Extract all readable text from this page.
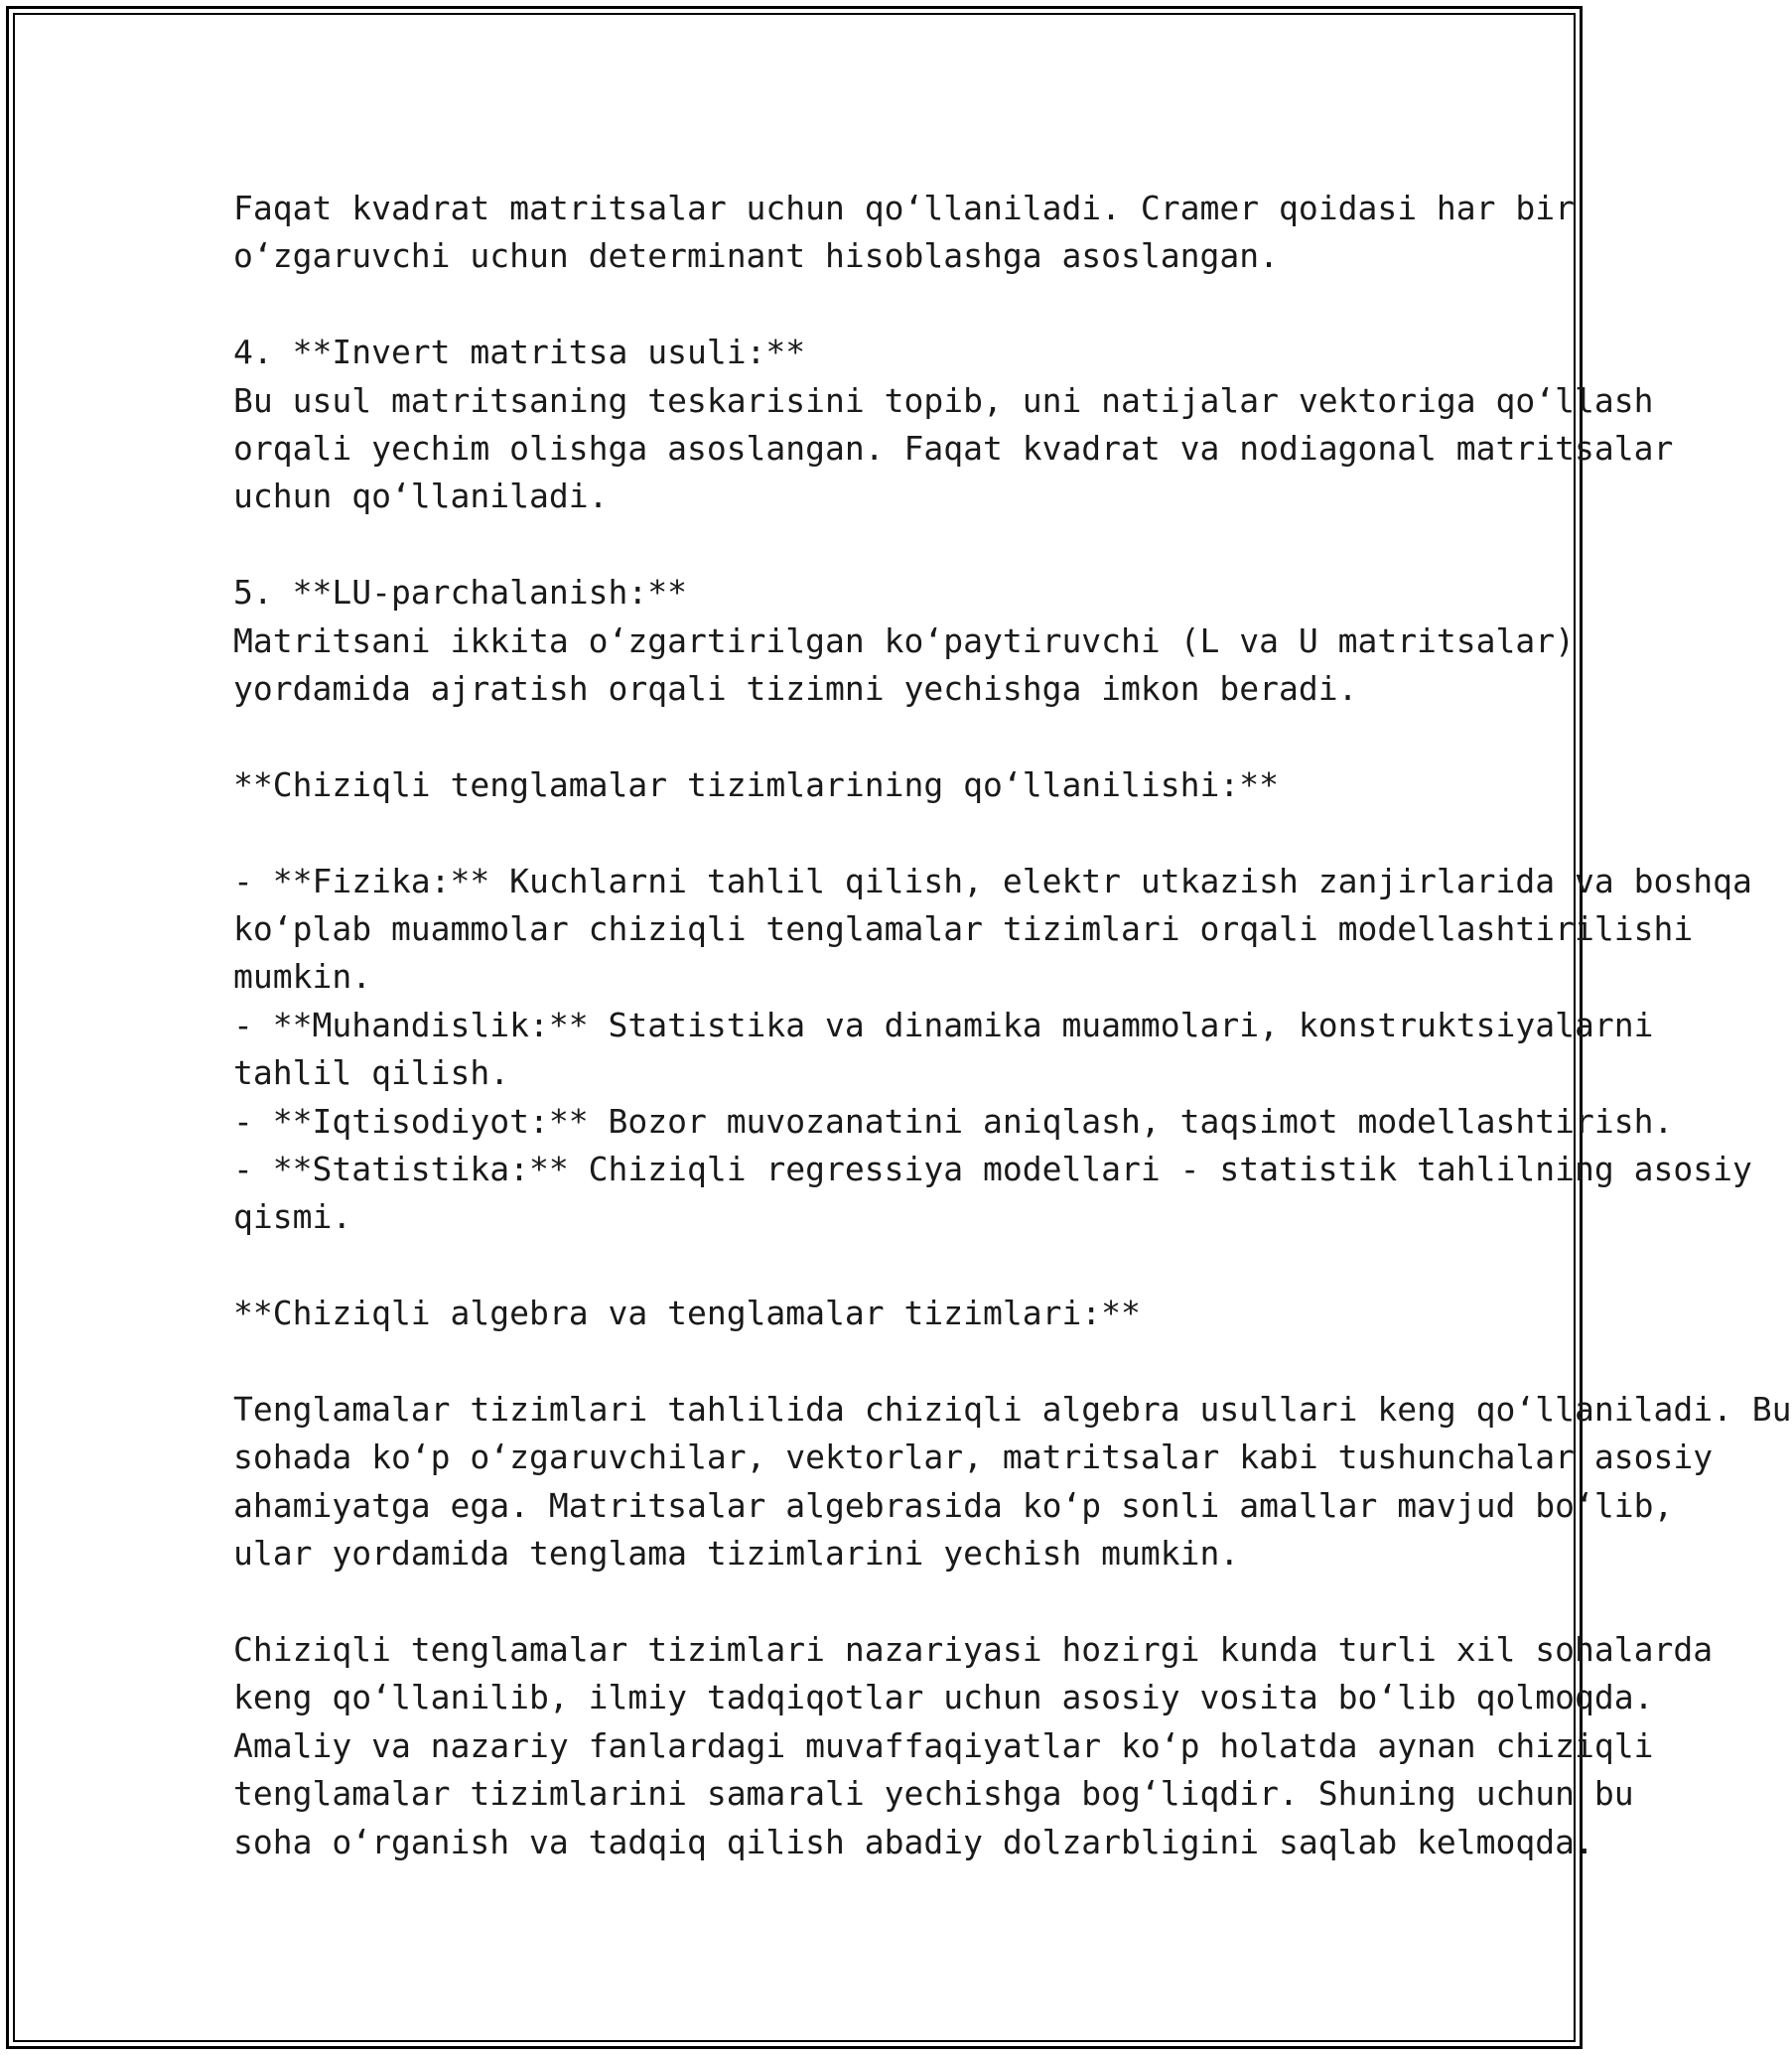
Faqat kvadrat matritsalar uchun qo‘llaniladi. Cramer qoidasi har bir
o‘zgaruvchi uchun determinant hisoblashga asoslangan.
4. **Invert matritsa usuli:**
Bu usul matritsaning teskarisini topib, uni natijalar vektoriga qo‘llash
orqali yechim olishga asoslangan. Faqat kvadrat va nodiagonal matritsalar
uchun qo‘llaniladi.
5. **LU-parchalanish:**
Matritsani ikkita o‘zgartirilgan ko‘paytiruvchi (L va U matritsalar)
yordamida ajratish orqali tizimni yechishga imkon beradi.
**Chiziqli tenglamalar tizimlarining qo‘llanilishi:**
- **Fizika:** Kuchlarni tahlil qilish, elektr utkazish zanjirlarida va boshqa
ko‘plab muammolar chiziqli tenglamalar tizimlari orqali modellashtirilishi
mumkin.
- **Muhandislik:** Statistika va dinamika muammolari, konstruktsiyalarni
tahlil qilish.
- **Iqtisodiyot:** Bozor muvozanatini aniqlash, taqsimot modellashtirish.
- **Statistika:** Chiziqli regressiya modellari - statistik tahlilning asosiy
qismi.
**Chiziqli algebra va tenglamalar tizimlari:**
Tenglamalar tizimlari tahlilida chiziqli algebra usullari keng qo‘llaniladi. Bu
sohada ko‘p o‘zgaruvchilar, vektorlar, matritsalar kabi tushunchalar asosiy
ahamiyatga ega. Matritsalar algebrasida ko‘p sonli amallar mavjud bo‘lib,
ular yordamida tenglama tizimlarini yechish mumkin.
Chiziqli tenglamalar tizimlari nazariyasi hozirgi kunda turli xil sohalarda
keng qo‘llanilib, ilmiy tadqiqotlar uchun asosiy vosita bo‘lib qolmoqda.
Amaliy va nazariy fanlardagi muvaffaqiyatlar ko‘p holatda aynan chiziqli
tenglamalar tizimlarini samarali yechishga bog‘liqdir. Shuning uchun bu
soha o‘rganish va tadqiq qilish abadiy dolzarbligini saqlab kelmoqda.
